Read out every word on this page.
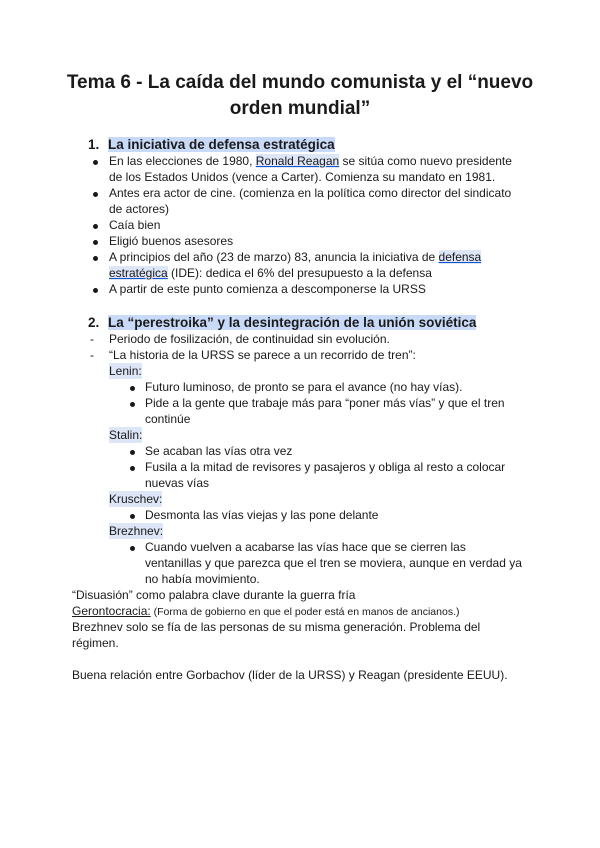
Tema 6 - La caída del mundo comunista y el “nuevo orden mundial”
1. La iniciativa de defensa estratégica
En las elecciones de 1980, Ronald Reagan se sitúa como nuevo presidente
de los Estados Unidos (vence a Carter). Comienza su mandato en 1981.
Antes era actor de cine. (comienza en la política como director del sindicato
de actores)
Caía bien
Eligió buenos asesores
A principios del año (23 de marzo) 83, anuncia la iniciativa de defensa
estratégica (IDE): dedica el 6% del presupuesto a la defensa
A partir de este punto comienza a descomponerse la URSS
2. La “perestroika” y la desintegración de la unión soviética
- Periodo de fosilización, de continuidad sin evolución.
- “La historia de la URSS se parece a un recorrido de tren”:
Lenin:
Futuro luminoso, de pronto se para el avance (no hay vías).
Pide a la gente que trabaje más para “poner más vías” y que el tren
continúe
Stalin:
Se acaban las vías otra vez
Fusila a la mitad de revisores y pasajeros y obliga al resto a colocar
nuevas vías
Kruschev:
Desmonta las vías viejas y las pone delante
Brezhnev:
Cuando vuelven a acabarse las vías hace que se cierren las
ventanillas y que parezca que el tren se moviera, aunque en verdad ya
no había movimiento.
“Disuasión” como palabra clave durante la guerra fría
Gerontocracia: (Forma de gobierno en que el poder está en manos de ancianos.)
Brezhnev solo se fía de las personas de su misma generación. Problema del
régimen.
Buena relación entre Gorbachov (líder de la URSS) y Reagan (presidente EEUU).
